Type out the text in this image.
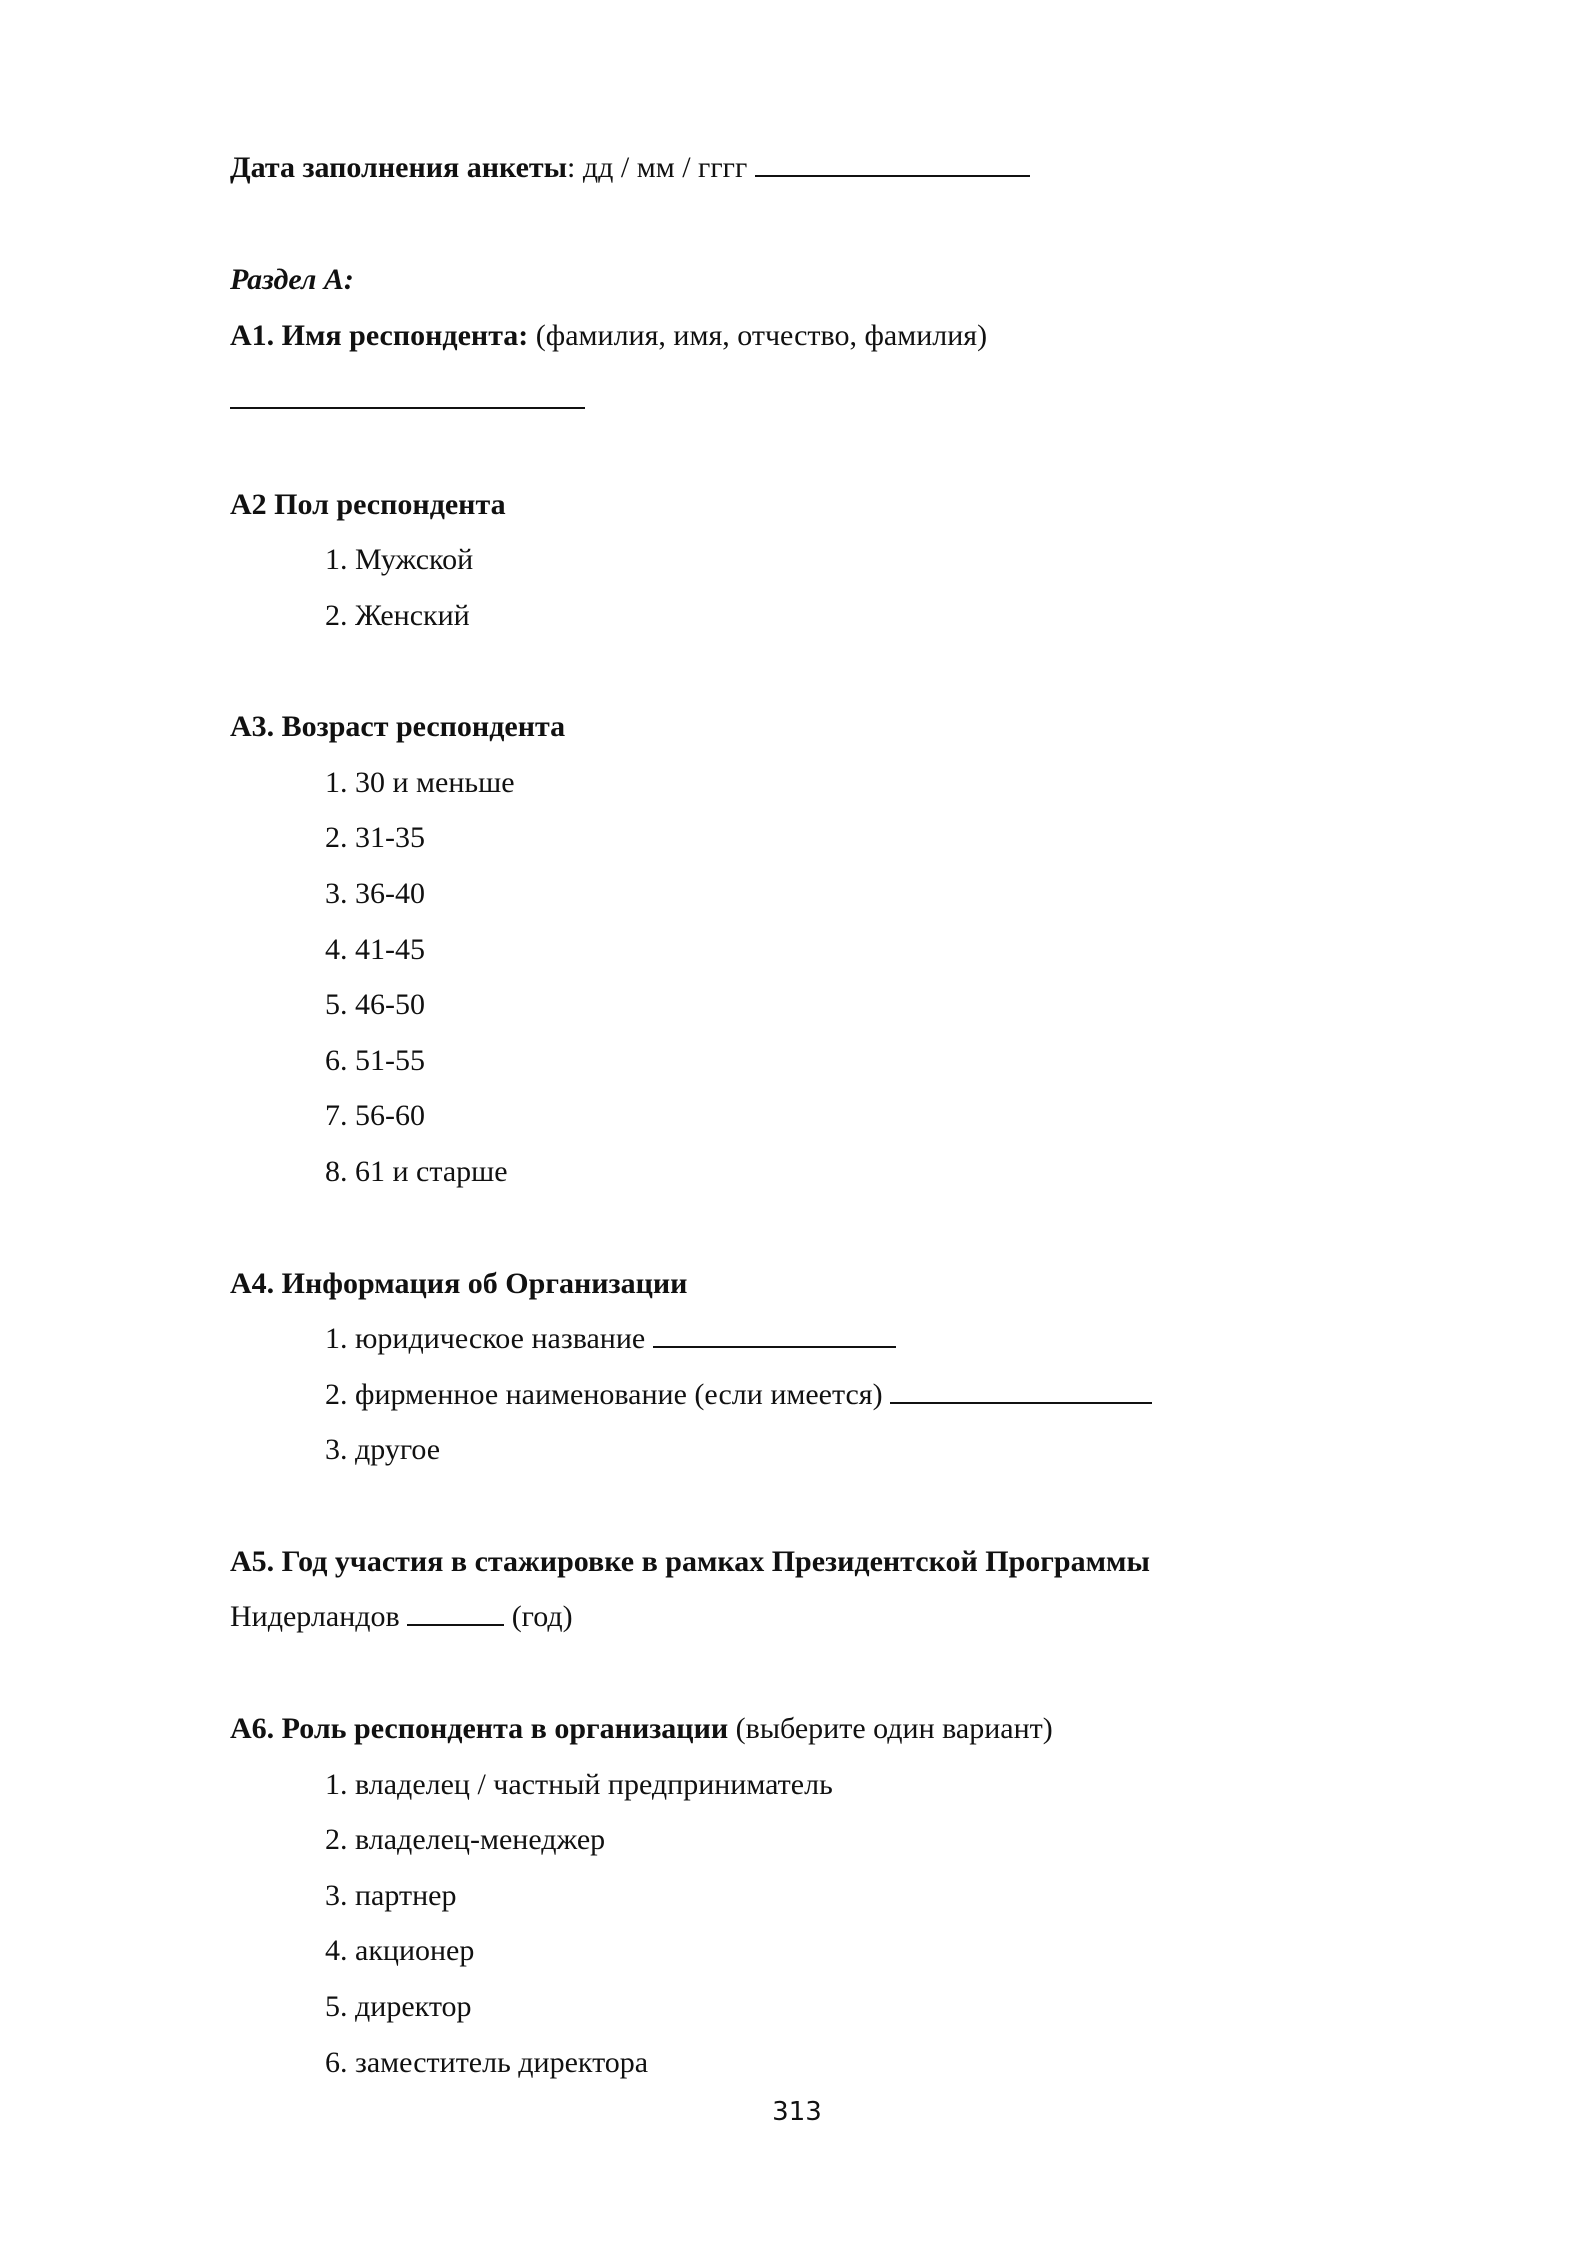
Дата заполнения анкеты: дд / мм / гггг
Раздел А:
А1. Имя респондента: (фамилия, имя, отчество, фамилия)
А2 Пол респондента
1. Мужской
2. Женский
А3. Возраст респондента
1. 30 и меньше
2. 31-35
3. 36-40
4. 41-45
5. 46-50
6. 51-55
7. 56-60
8. 61 и старше
А4. Информация об Организации
1. юридическое название
2. фирменное наименование (если имеется)
3. другое
А5. Год участия в стажировке в рамках Президентской Программы
Нидерландов	(год)
А6. Роль респондента в организации (выберите один вариант)
1. владелец / частный предприниматель
2. владелец-менеджер
3. партнер
4. акционер
5. директор
6. заместитель директора
313
